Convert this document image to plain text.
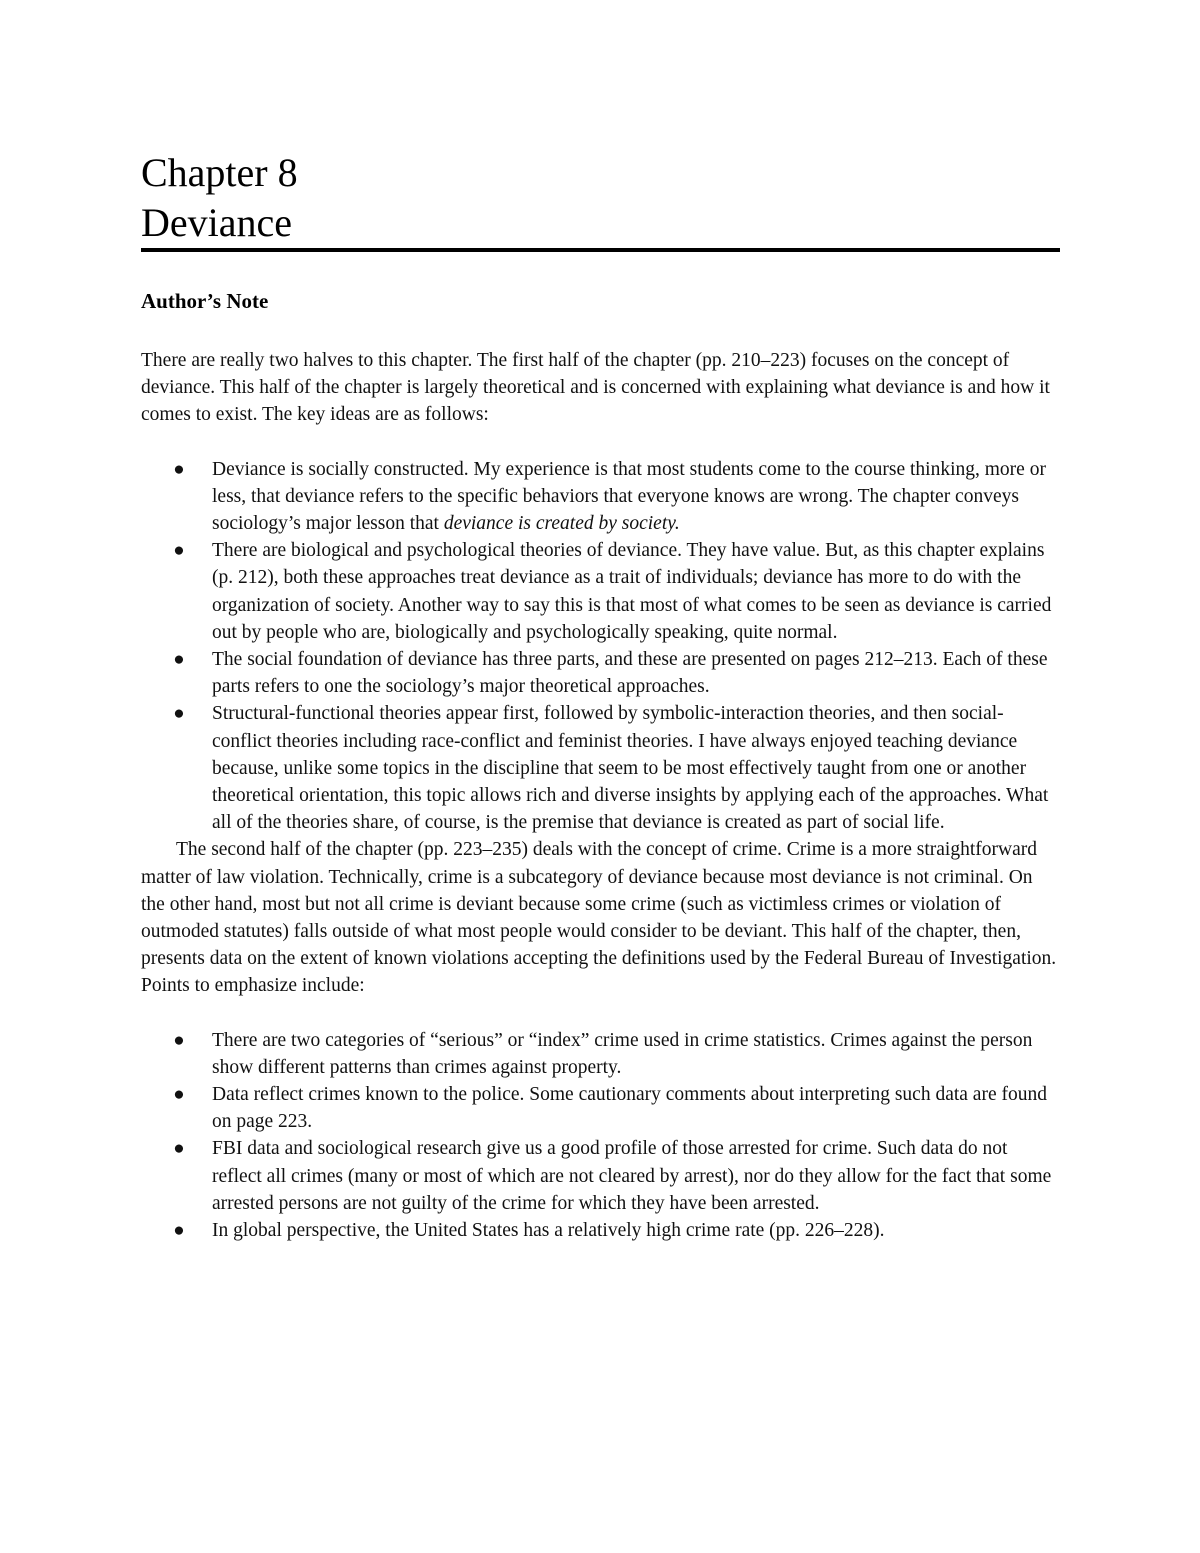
Chapter 8
Deviance
Author’s Note

There are really two halves to this chapter. The first half of the chapter (pp. 210–223) focuses on the concept of deviance. This half of the chapter is largely theoretical and is concerned with explaining what deviance is and how it comes to exist. The key ideas are as follows:

● Deviance is socially constructed. My experience is that most students come to the course thinking, more or less, that deviance refers to the specific behaviors that everyone knows are wrong. The chapter conveys sociology’s major lesson that deviance is created by society.
● There are biological and psychological theories of deviance. They have value. But, as this chapter explains (p. 212), both these approaches treat deviance as a trait of individuals; deviance has more to do with the organization of society. Another way to say this is that most of what comes to be seen as deviance is carried out by people who are, biologically and psychologically speaking, quite normal.
● The social foundation of deviance has three parts, and these are presented on pages 212–213. Each of these parts refers to one the sociology’s major theoretical approaches.
● Structural-functional theories appear first, followed by symbolic-interaction theories, and then social-conflict theories including race-conflict and feminist theories. I have always enjoyed teaching deviance because, unlike some topics in the discipline that seem to be most effectively taught from one or another theoretical orientation, this topic allows rich and diverse insights by applying each of the approaches. What all of the theories share, of course, is the premise that deviance is created as part of social life.

The second half of the chapter (pp. 223–235) deals with the concept of crime. Crime is a more straightforward matter of law violation. Technically, crime is a subcategory of deviance because most deviance is not criminal. On the other hand, most but not all crime is deviant because some crime (such as victimless crimes or violation of outmoded statutes) falls outside of what most people would consider to be deviant. This half of the chapter, then, presents data on the extent of known violations accepting the definitions used by the Federal Bureau of Investigation. Points to emphasize include:

● There are two categories of “serious” or “index” crime used in crime statistics. Crimes against the person show different patterns than crimes against property.
● Data reflect crimes known to the police. Some cautionary comments about interpreting such data are found on page 223.
● FBI data and sociological research give us a good profile of those arrested for crime. Such data do not reflect all crimes (many or most of which are not cleared by arrest), nor do they allow for the fact that some arrested persons are not guilty of the crime for which they have been arrested.
● In global perspective, the United States has a relatively high crime rate (pp. 226–228).
